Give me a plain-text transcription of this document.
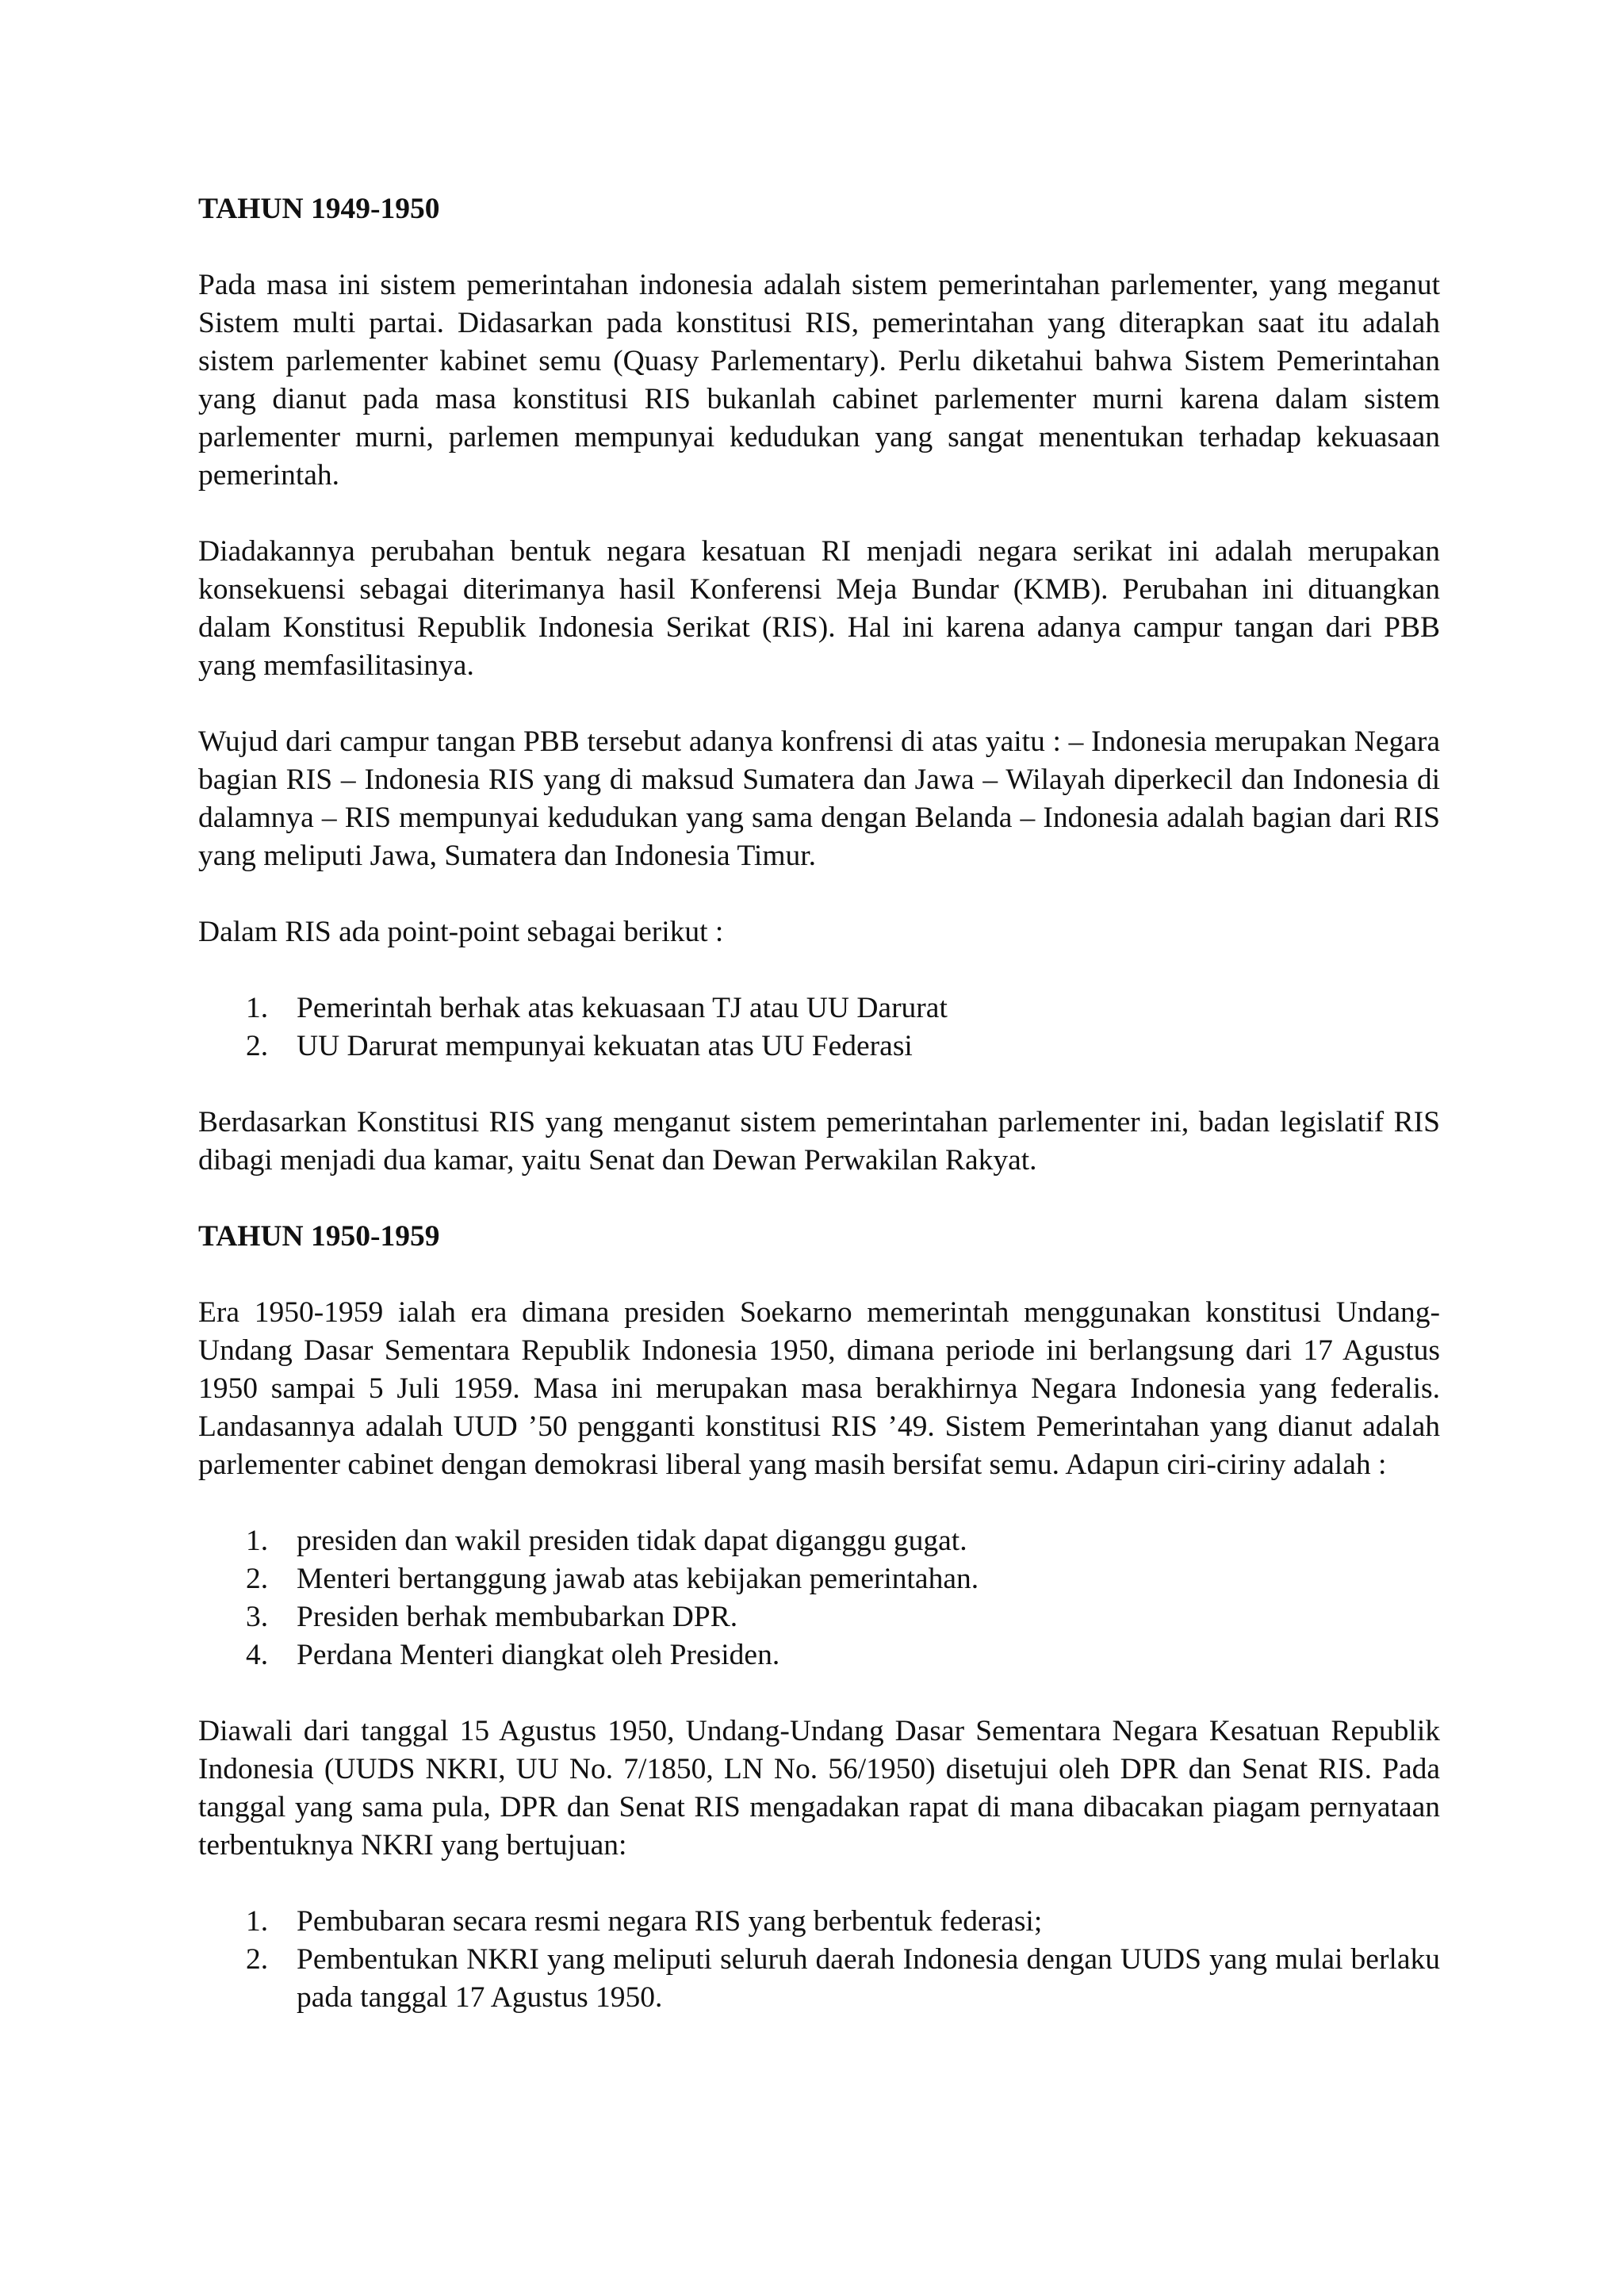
TAHUN 1949-1950

Pada masa ini sistem pemerintahan indonesia adalah sistem pemerintahan parlementer, yang meganut Sistem multi partai. Didasarkan pada konstitusi RIS, pemerintahan yang diterapkan saat itu adalah sistem parlementer kabinet semu (Quasy Parlementary). Perlu diketahui bahwa Sistem Pemerintahan yang dianut pada masa konstitusi RIS bukanlah cabinet parlementer murni karena dalam sistem parlementer murni, parlemen mempunyai kedudukan yang sangat menentukan terhadap kekuasaan pemerintah.

Diadakannya perubahan bentuk negara kesatuan RI menjadi negara serikat ini adalah merupakan konsekuensi sebagai diterimanya hasil Konferensi Meja Bundar (KMB). Perubahan ini dituangkan dalam Konstitusi Republik Indonesia Serikat (RIS). Hal ini karena adanya campur tangan dari PBB yang memfasilitasinya.

Wujud dari campur tangan PBB tersebut adanya konfrensi di atas yaitu : – Indonesia merupakan Negara bagian RIS – Indonesia RIS yang di maksud Sumatera dan Jawa – Wilayah diperkecil dan Indonesia di dalamnya – RIS mempunyai kedudukan yang sama dengan Belanda – Indonesia adalah bagian dari RIS yang meliputi Jawa, Sumatera dan Indonesia Timur.

Dalam RIS ada point-point sebagai berikut :

1. Pemerintah berhak atas kekuasaan TJ atau UU Darurat
2. UU Darurat mempunyai kekuatan atas UU Federasi

Berdasarkan Konstitusi RIS yang menganut sistem pemerintahan parlementer ini, badan legislatif RIS dibagi menjadi dua kamar, yaitu Senat dan Dewan Perwakilan Rakyat.

TAHUN 1950-1959

Era 1950-1959 ialah era dimana presiden Soekarno memerintah menggunakan konstitusi Undang-Undang Dasar Sementara Republik Indonesia 1950, dimana periode ini berlangsung dari 17 Agustus 1950 sampai 5 Juli 1959. Masa ini merupakan masa berakhirnya Negara Indonesia yang federalis. Landasannya adalah UUD ’50 pengganti konstitusi RIS ’49. Sistem Pemerintahan yang dianut adalah parlementer cabinet dengan demokrasi liberal yang masih bersifat semu. Adapun ciri-ciriny adalah :

1. presiden dan wakil presiden tidak dapat diganggu gugat.
2. Menteri bertanggung jawab atas kebijakan pemerintahan.
3. Presiden berhak membubarkan DPR.
4. Perdana Menteri diangkat oleh Presiden.

Diawali dari tanggal 15 Agustus 1950, Undang-Undang Dasar Sementara Negara Kesatuan Republik Indonesia (UUDS NKRI, UU No. 7/1850, LN No. 56/1950) disetujui oleh DPR dan Senat RIS. Pada tanggal yang sama pula, DPR dan Senat RIS mengadakan rapat di mana dibacakan piagam pernyataan terbentuknya NKRI yang bertujuan:

1. Pembubaran secara resmi negara RIS yang berbentuk federasi;
2. Pembentukan NKRI yang meliputi seluruh daerah Indonesia dengan UUDS yang mulai berlaku pada tanggal 17 Agustus 1950.
